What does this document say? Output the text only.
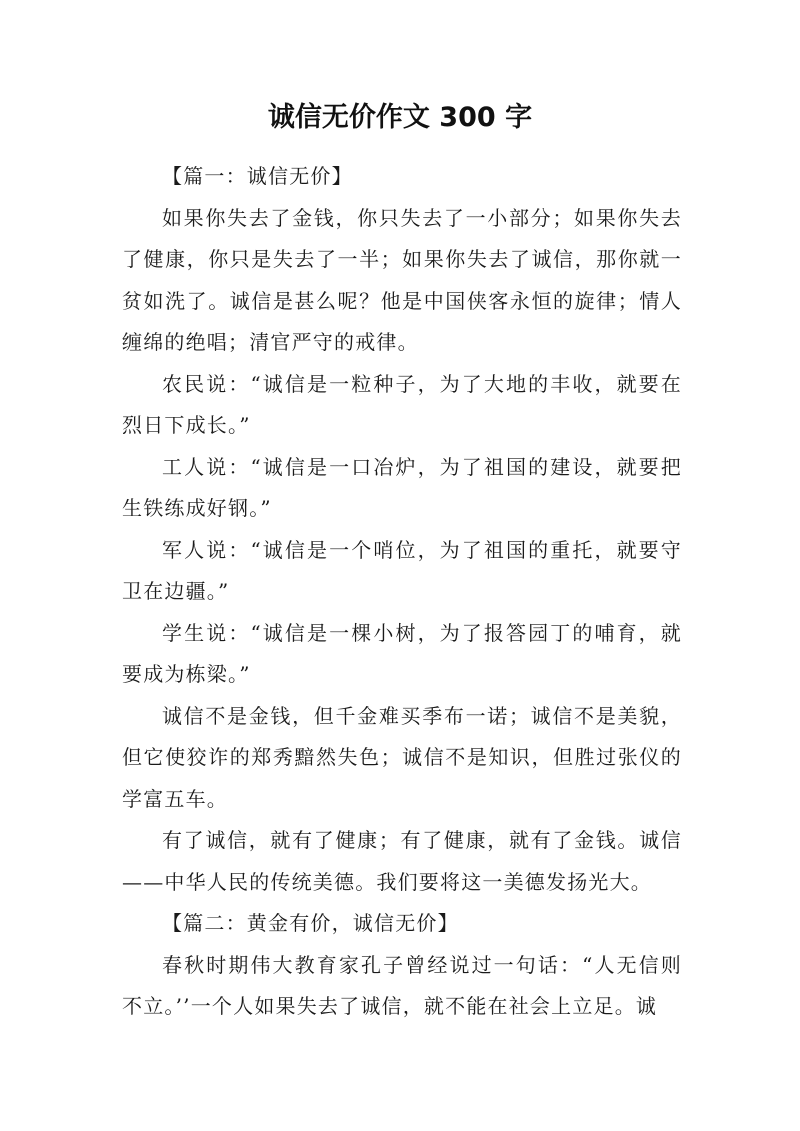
诚信无价作文 300 字

【篇一：诚信无价】

如果你失去了金钱，你只失去了一小部分；如果你失去了健康，你只是失去了一半；如果你失去了诚信，那你就一贫如洗了。诚信是甚么呢？他是中国侠客永恒的旋律；情人缠绵的绝唱；清官严守的戒律。

农民说：“诚信是一粒种子，为了大地的丰收，就要在烈日下成长。”

工人说：“诚信是一口冶炉，为了祖国的建设，就要把生铁练成好钢。”

军人说：“诚信是一个哨位，为了祖国的重托，就要守卫在边疆。”

学生说：“诚信是一棵小树，为了报答园丁的哺育，就要成为栋梁。”

诚信不是金钱，但千金难买季布一诺；诚信不是美貌，但它使狡诈的郑秀黯然失色；诚信不是知识，但胜过张仪的学富五车。

有了诚信，就有了健康；有了健康，就有了金钱。诚信——中华人民的传统美德。我们要将这一美德发扬光大。

【篇二：黄金有价，诚信无价】

春秋时期伟大教育家孔子曾经说过一句话：“人无信则不立。’’一个人如果失去了诚信，就不能在社会上立足。诚
